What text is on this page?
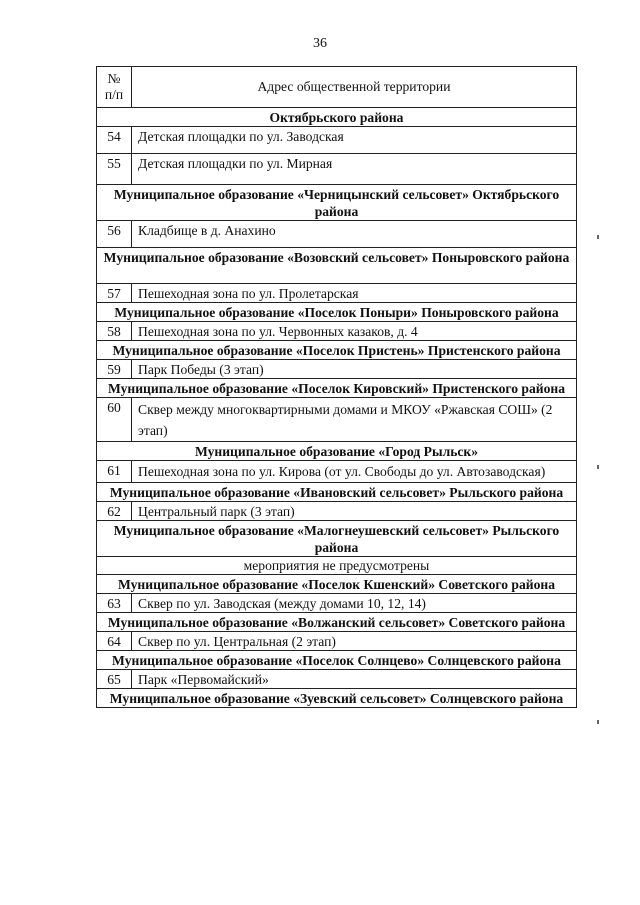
36
№
п/п	Адрес общественной территории
Октябрьского района	
54	Детская площадки по ул. Заводская
55	Детская площадки по ул. Мирная
Муниципальное образование «Черницынский сельсовет» Октябрьского района	
56	Кладбище в д. Анахино
Муниципальное образование «Возовский сельсовет» Поныровского района	
57	Пешеходная зона по ул. Пролетарская
Муниципальное образование «Поселок Поныри» Поныровского района	
58	Пешеходная зона по ул. Червонных казаков, д. 4
Муниципальное образование «Поселок Пристень» Пристенского района	
59	Парк Победы (3 этап)
Муниципальное образование «Поселок Кировский» Пристенского района	
60	Сквер между многоквартирными домами и МКОУ «Ржавская СОШ» (2 этап)
Муниципальное образование «Город Рыльск»	
61	Пешеходная зона по ул. Кирова (от ул. Свободы до ул. Автозаводская)
Муниципальное образование «Ивановский сельсовет» Рыльского района	
62	Центральный парк (3 этап)
Муниципальное образование «Малогнеушевский сельсовет» Рыльского района	
мероприятия не предусмотрены	
Муниципальное образование «Поселок Кшенский» Советского района	
63	Сквер по ул. Заводская (между домами 10, 12, 14)
Муниципальное образование «Волжанский сельсовет» Советского района	
64	Сквер по ул. Центральная (2 этап)
Муниципальное образование «Поселок Солнцево» Солнцевского района	
65	Парк «Первомайский»
Муниципальное образование «Зуевский сельсовет» Солнцевского района	
